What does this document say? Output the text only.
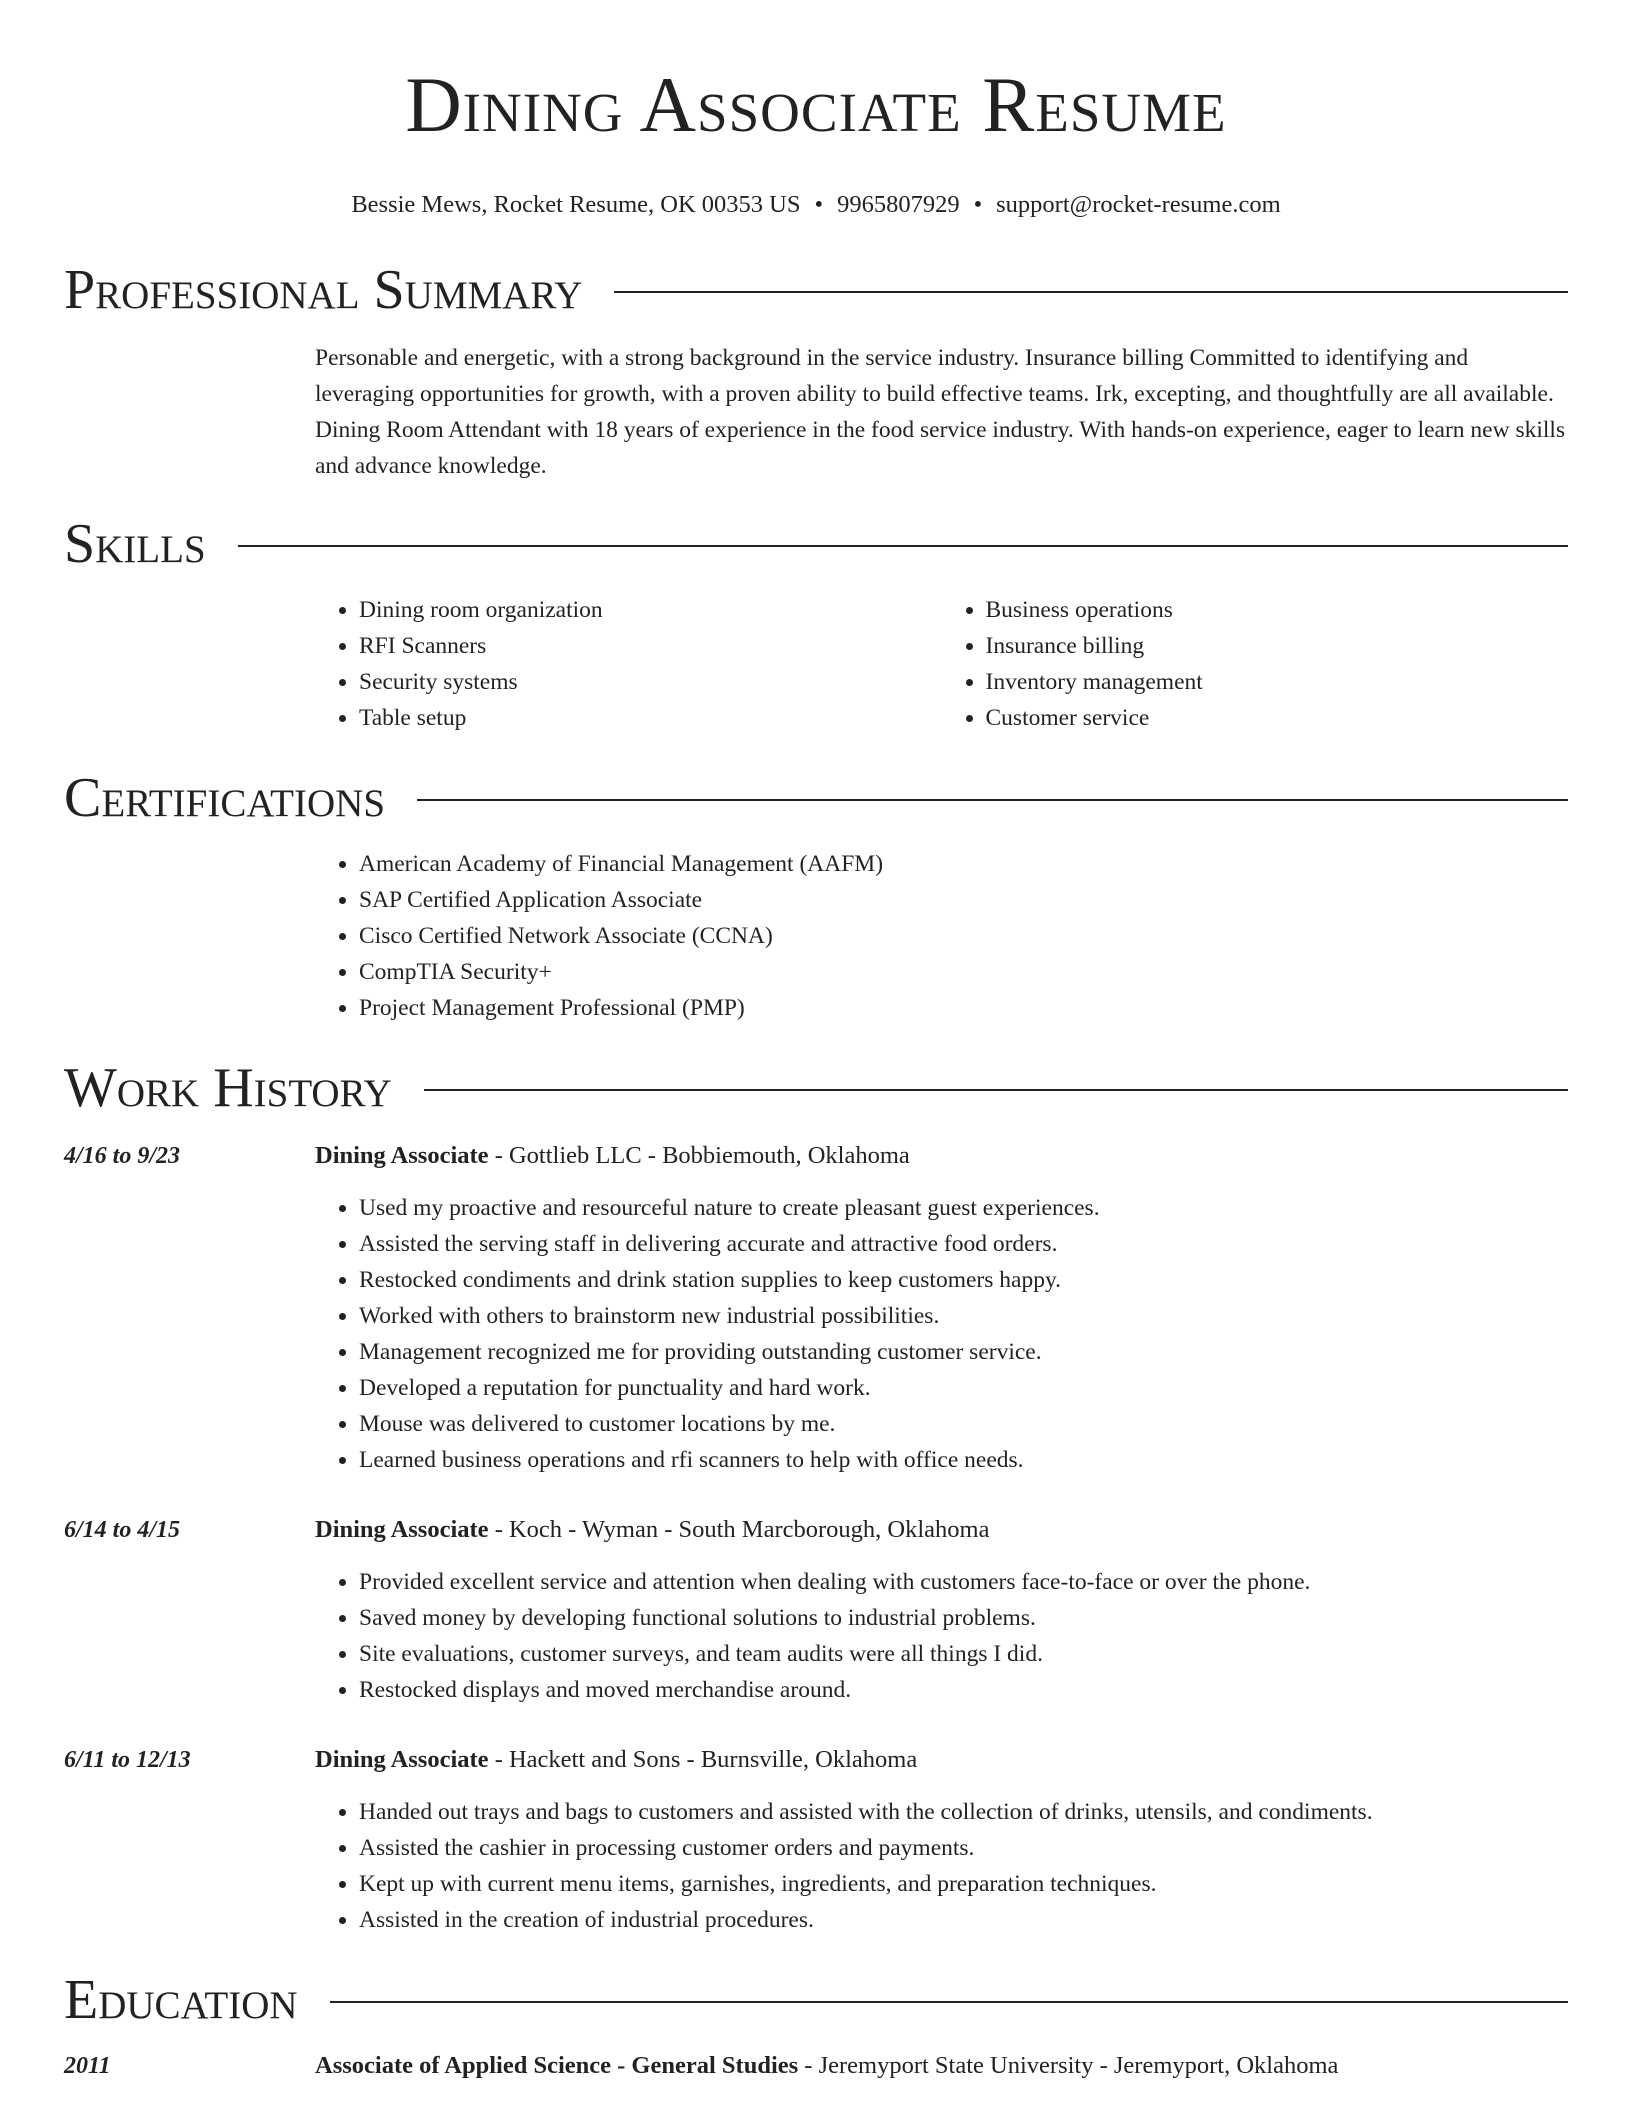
Dining Associate Resume
Bessie Mews, Rocket Resume, OK 00353 US • 9965807929 • support@rocket-resume.com
Professional Summary
Personable and energetic, with a strong background in the service industry. Insurance billing Committed to identifying and leveraging opportunities for growth, with a proven ability to build effective teams. Irk, excepting, and thoughtfully are all available. Dining Room Attendant with 18 years of experience in the food service industry. With hands-on experience, eager to learn new skills and advance knowledge.
Skills
• Dining room organization
• RFI Scanners
• Security systems
• Table setup
• Business operations
• Insurance billing
• Inventory management
• Customer service
Certifications
• American Academy of Financial Management (AAFM)
• SAP Certified Application Associate
• Cisco Certified Network Associate (CCNA)
• CompTIA Security+
• Project Management Professional (PMP)
Work History
4/16 to 9/23	Dining Associate - Gottlieb LLC - Bobbiemouth, Oklahoma
• Used my proactive and resourceful nature to create pleasant guest experiences.
• Assisted the serving staff in delivering accurate and attractive food orders.
• Restocked condiments and drink station supplies to keep customers happy.
• Worked with others to brainstorm new industrial possibilities.
• Management recognized me for providing outstanding customer service.
• Developed a reputation for punctuality and hard work.
• Mouse was delivered to customer locations by me.
• Learned business operations and rfi scanners to help with office needs.
6/14 to 4/15	Dining Associate - Koch - Wyman - South Marcborough, Oklahoma
• Provided excellent service and attention when dealing with customers face-to-face or over the phone.
• Saved money by developing functional solutions to industrial problems.
• Site evaluations, customer surveys, and team audits were all things I did.
• Restocked displays and moved merchandise around.
6/11 to 12/13	Dining Associate - Hackett and Sons - Burnsville, Oklahoma
• Handed out trays and bags to customers and assisted with the collection of drinks, utensils, and condiments.
• Assisted the cashier in processing customer orders and payments.
• Kept up with current menu items, garnishes, ingredients, and preparation techniques.
• Assisted in the creation of industrial procedures.
Education
2011	Associate of Applied Science - General Studies - Jeremyport State University - Jeremyport, Oklahoma
